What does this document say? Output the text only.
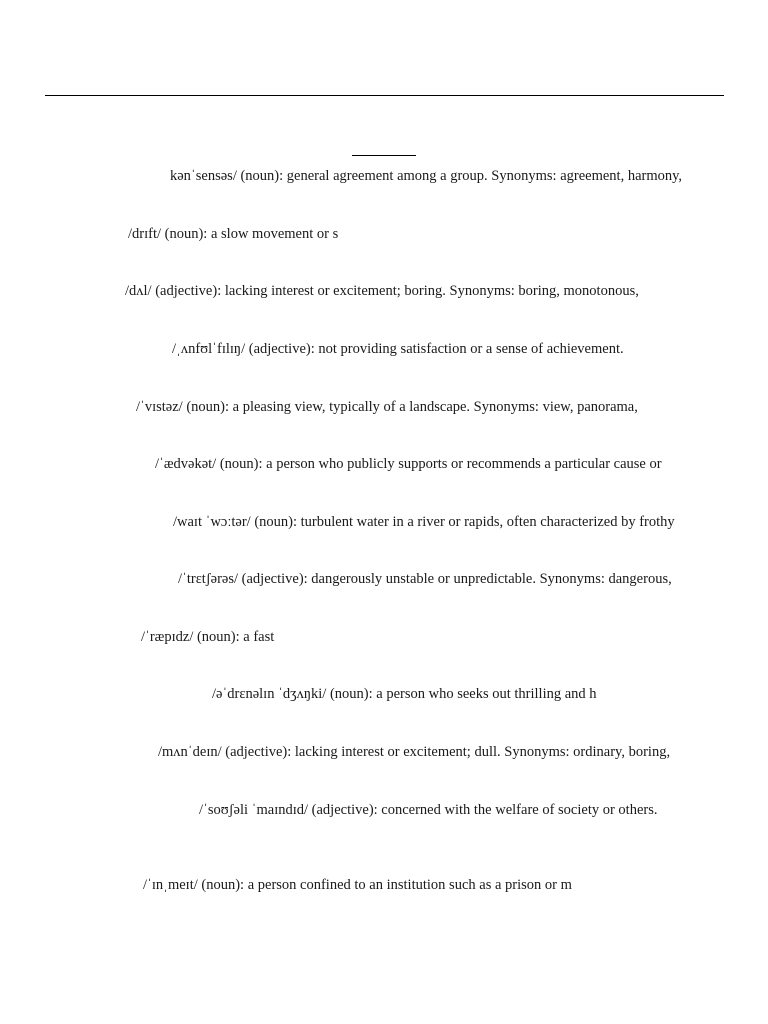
kənˈsensəs/ (noun): general agreement among a group. Synonyms: agreement, harmony,
/drɪft/ (noun): a slow movement or s
/dʌl/ (adjective): lacking interest or excitement; boring. Synonyms: boring, monotonous,
/ˌʌnfʊlˈfɪlɪŋ/ (adjective): not providing satisfaction or a sense of achievement.
/ˈvɪstəz/ (noun): a pleasing view, typically of a landscape. Synonyms: view, panorama,
/ˈædvəkət/ (noun): a person who publicly supports or recommends a particular cause or
/waɪt ˈwɔːtər/ (noun): turbulent water in a river or rapids, often characterized by frothy
/ˈtrɛtʃərəs/ (adjective): dangerously unstable or unpredictable. Synonyms: dangerous,
/ˈræpɪdz/ (noun): a fast
/əˈdrɛnəlɪn ˈdʒʌŋki/ (noun): a person who seeks out thrilling and h
/mʌnˈdeɪn/ (adjective): lacking interest or excitement; dull. Synonyms: ordinary, boring,
/ˈsoʊʃəli ˈmaɪndɪd/ (adjective): concerned with the welfare of society or others.
/ˈɪnˌmeɪt/ (noun): a person confined to an institution such as a prison or m
